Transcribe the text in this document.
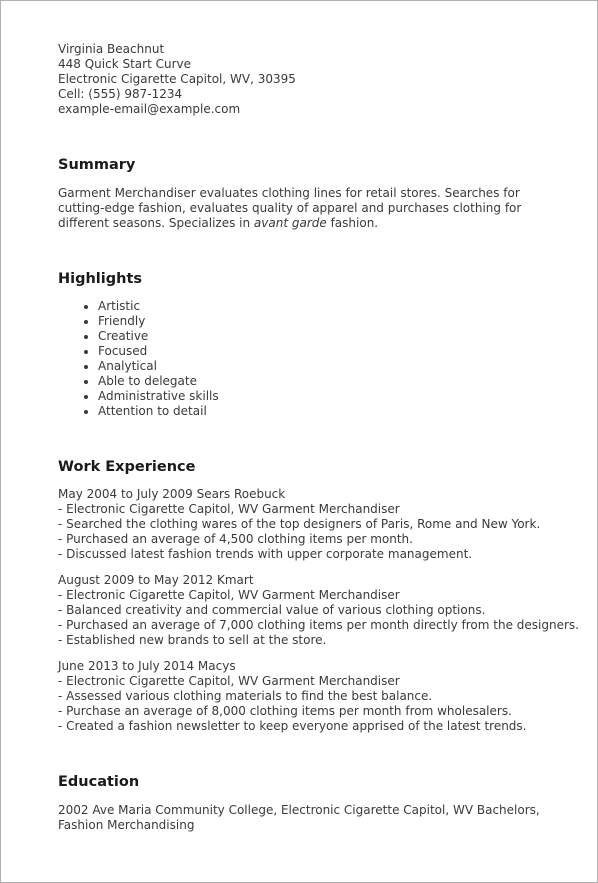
Virginia Beachnut
448 Quick Start Curve
Electronic Cigarette Capitol, WV, 30395
Cell: (555) 987-1234
example-email@example.com
Summary

Garment Merchandiser evaluates clothing lines for retail stores. Searches for cutting-edge fashion, evaluates quality of apparel and purchases clothing for different seasons. Specializes in avant garde fashion.

Highlights
• Artistic
• Friendly
• Creative
• Focused
• Analytical
• Able to delegate
• Administrative skills
• Attention to detail
Work Experience
May 2004 to July 2009 Sears Roebuck
- Electronic Cigarette Capitol, WV Garment Merchandiser
- Searched the clothing wares of the top designers of Paris, Rome and New York.
- Purchased an average of 4,500 clothing items per month.
- Discussed latest fashion trends with upper corporate management.
August 2009 to May 2012 Kmart
- Electronic Cigarette Capitol, WV Garment Merchandiser
- Balanced creativity and commercial value of various clothing options.
- Purchased an average of 7,000 clothing items per month directly from the designers.
- Established new brands to sell at the store.
June 2013 to July 2014 Macys
- Electronic Cigarette Capitol, WV Garment Merchandiser
- Assessed various clothing materials to find the best balance.
- Purchase an average of 8,000 clothing items per month from wholesalers.
- Created a fashion newsletter to keep everyone apprised of the latest trends.
Education

2002 Ave Maria Community College, Electronic Cigarette Capitol, WV Bachelors, Fashion Merchandising
